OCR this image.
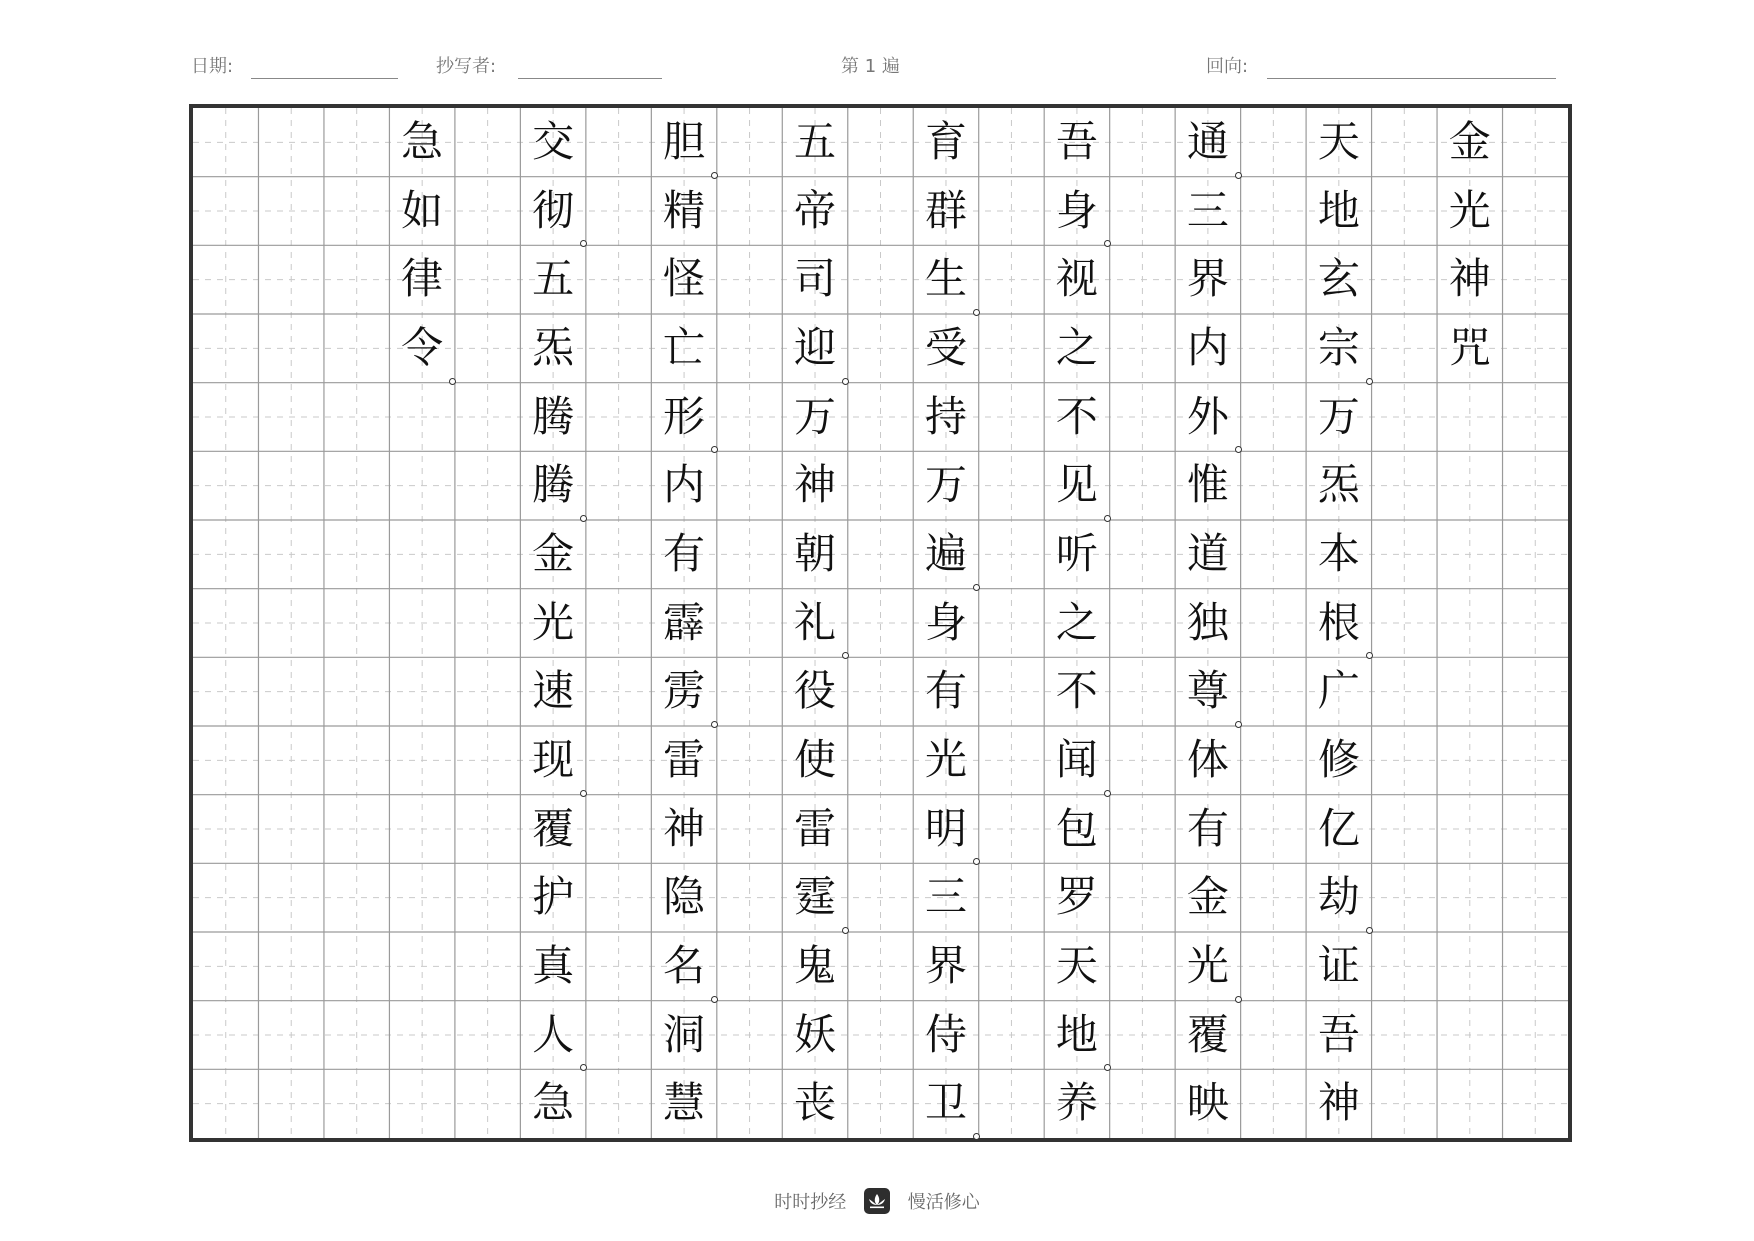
日期:	抄写者:	第 1 遍	回向:
金
光
神
咒
天
地
玄
宗
万
炁
本
根
广
修
亿
劫
证
吾
神
通
三
界
内
外
惟
道
独
尊
体
有
金
光
覆
映
吾
身
视
之
不
见
听
之
不
闻
包
罗
天
地
养
育
群
生
受
持
万
遍
身
有
光
明
三
界
侍
卫
五
帝
司
迎
万
神
朝
礼
役
使
雷
霆
鬼
妖
丧
胆
精
怪
亡
形
内
有
霹
雳
雷
神
隐
名
洞
慧
交
彻
五
炁
腾
腾
金
光
速
现
覆
护
真
人
急
急
如
律
令
时时抄经	慢活修心
